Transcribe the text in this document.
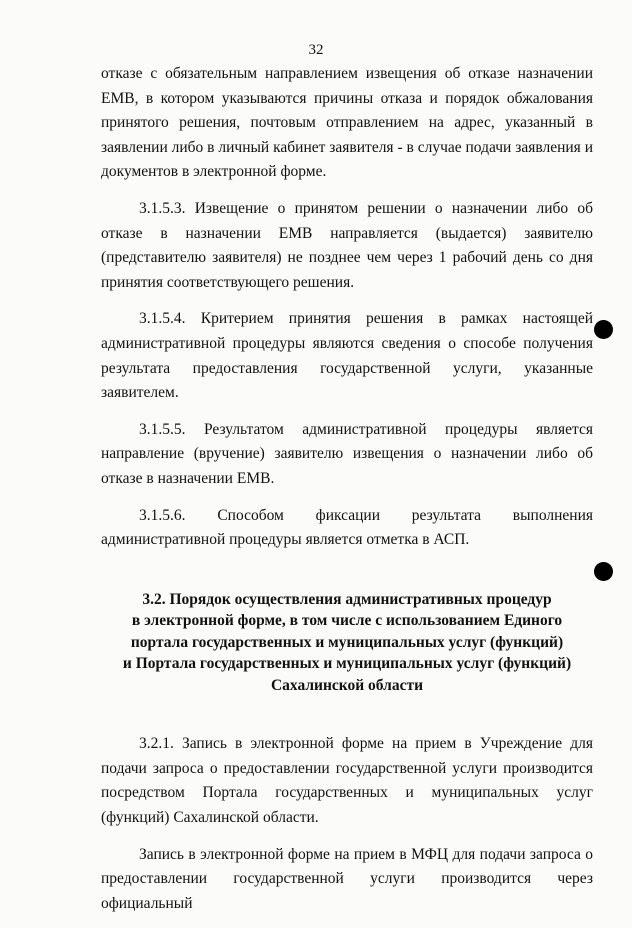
32

отказе с обязательным направлением извещения об отказе назначении ЕМВ, в котором указываются причины отказа и порядок обжалования принятого решения, почтовым отправлением на адрес, указанный в заявлении либо в личный кабинет заявителя - в случае подачи заявления и документов в электронной форме.

3.1.5.3. Извещение о принятом решении о назначении либо об отказе в назначении ЕМВ направляется (выдается) заявителю (представителю заявителя) не позднее чем через 1 рабочий день со дня принятия соответствующего решения.

3.1.5.4. Критерием принятия решения в рамках настоящей административной процедуры являются сведения о способе получения результата предоставления государственной услуги, указанные заявителем.

3.1.5.5. Результатом административной процедуры является направление (вручение) заявителю извещения о назначении либо об отказе в назначении ЕМВ.

3.1.5.6. Способом фиксации результата выполнения административной процедуры является отметка в АСП.

3.2. Порядок осуществления административных процедур
в электронной форме, в том числе с использованием Единого
портала государственных и муниципальных услуг (функций)
и Портала государственных и муниципальных услуг (функций)
Сахалинской области

3.2.1. Запись в электронной форме на прием в Учреждение для подачи запроса о предоставлении государственной услуги производится посредством Портала государственных и муниципальных услуг (функций) Сахалинской области.

Запись в электронной форме на прием в МФЦ для подачи запроса о предоставлении государственной услуги производится через официальный
